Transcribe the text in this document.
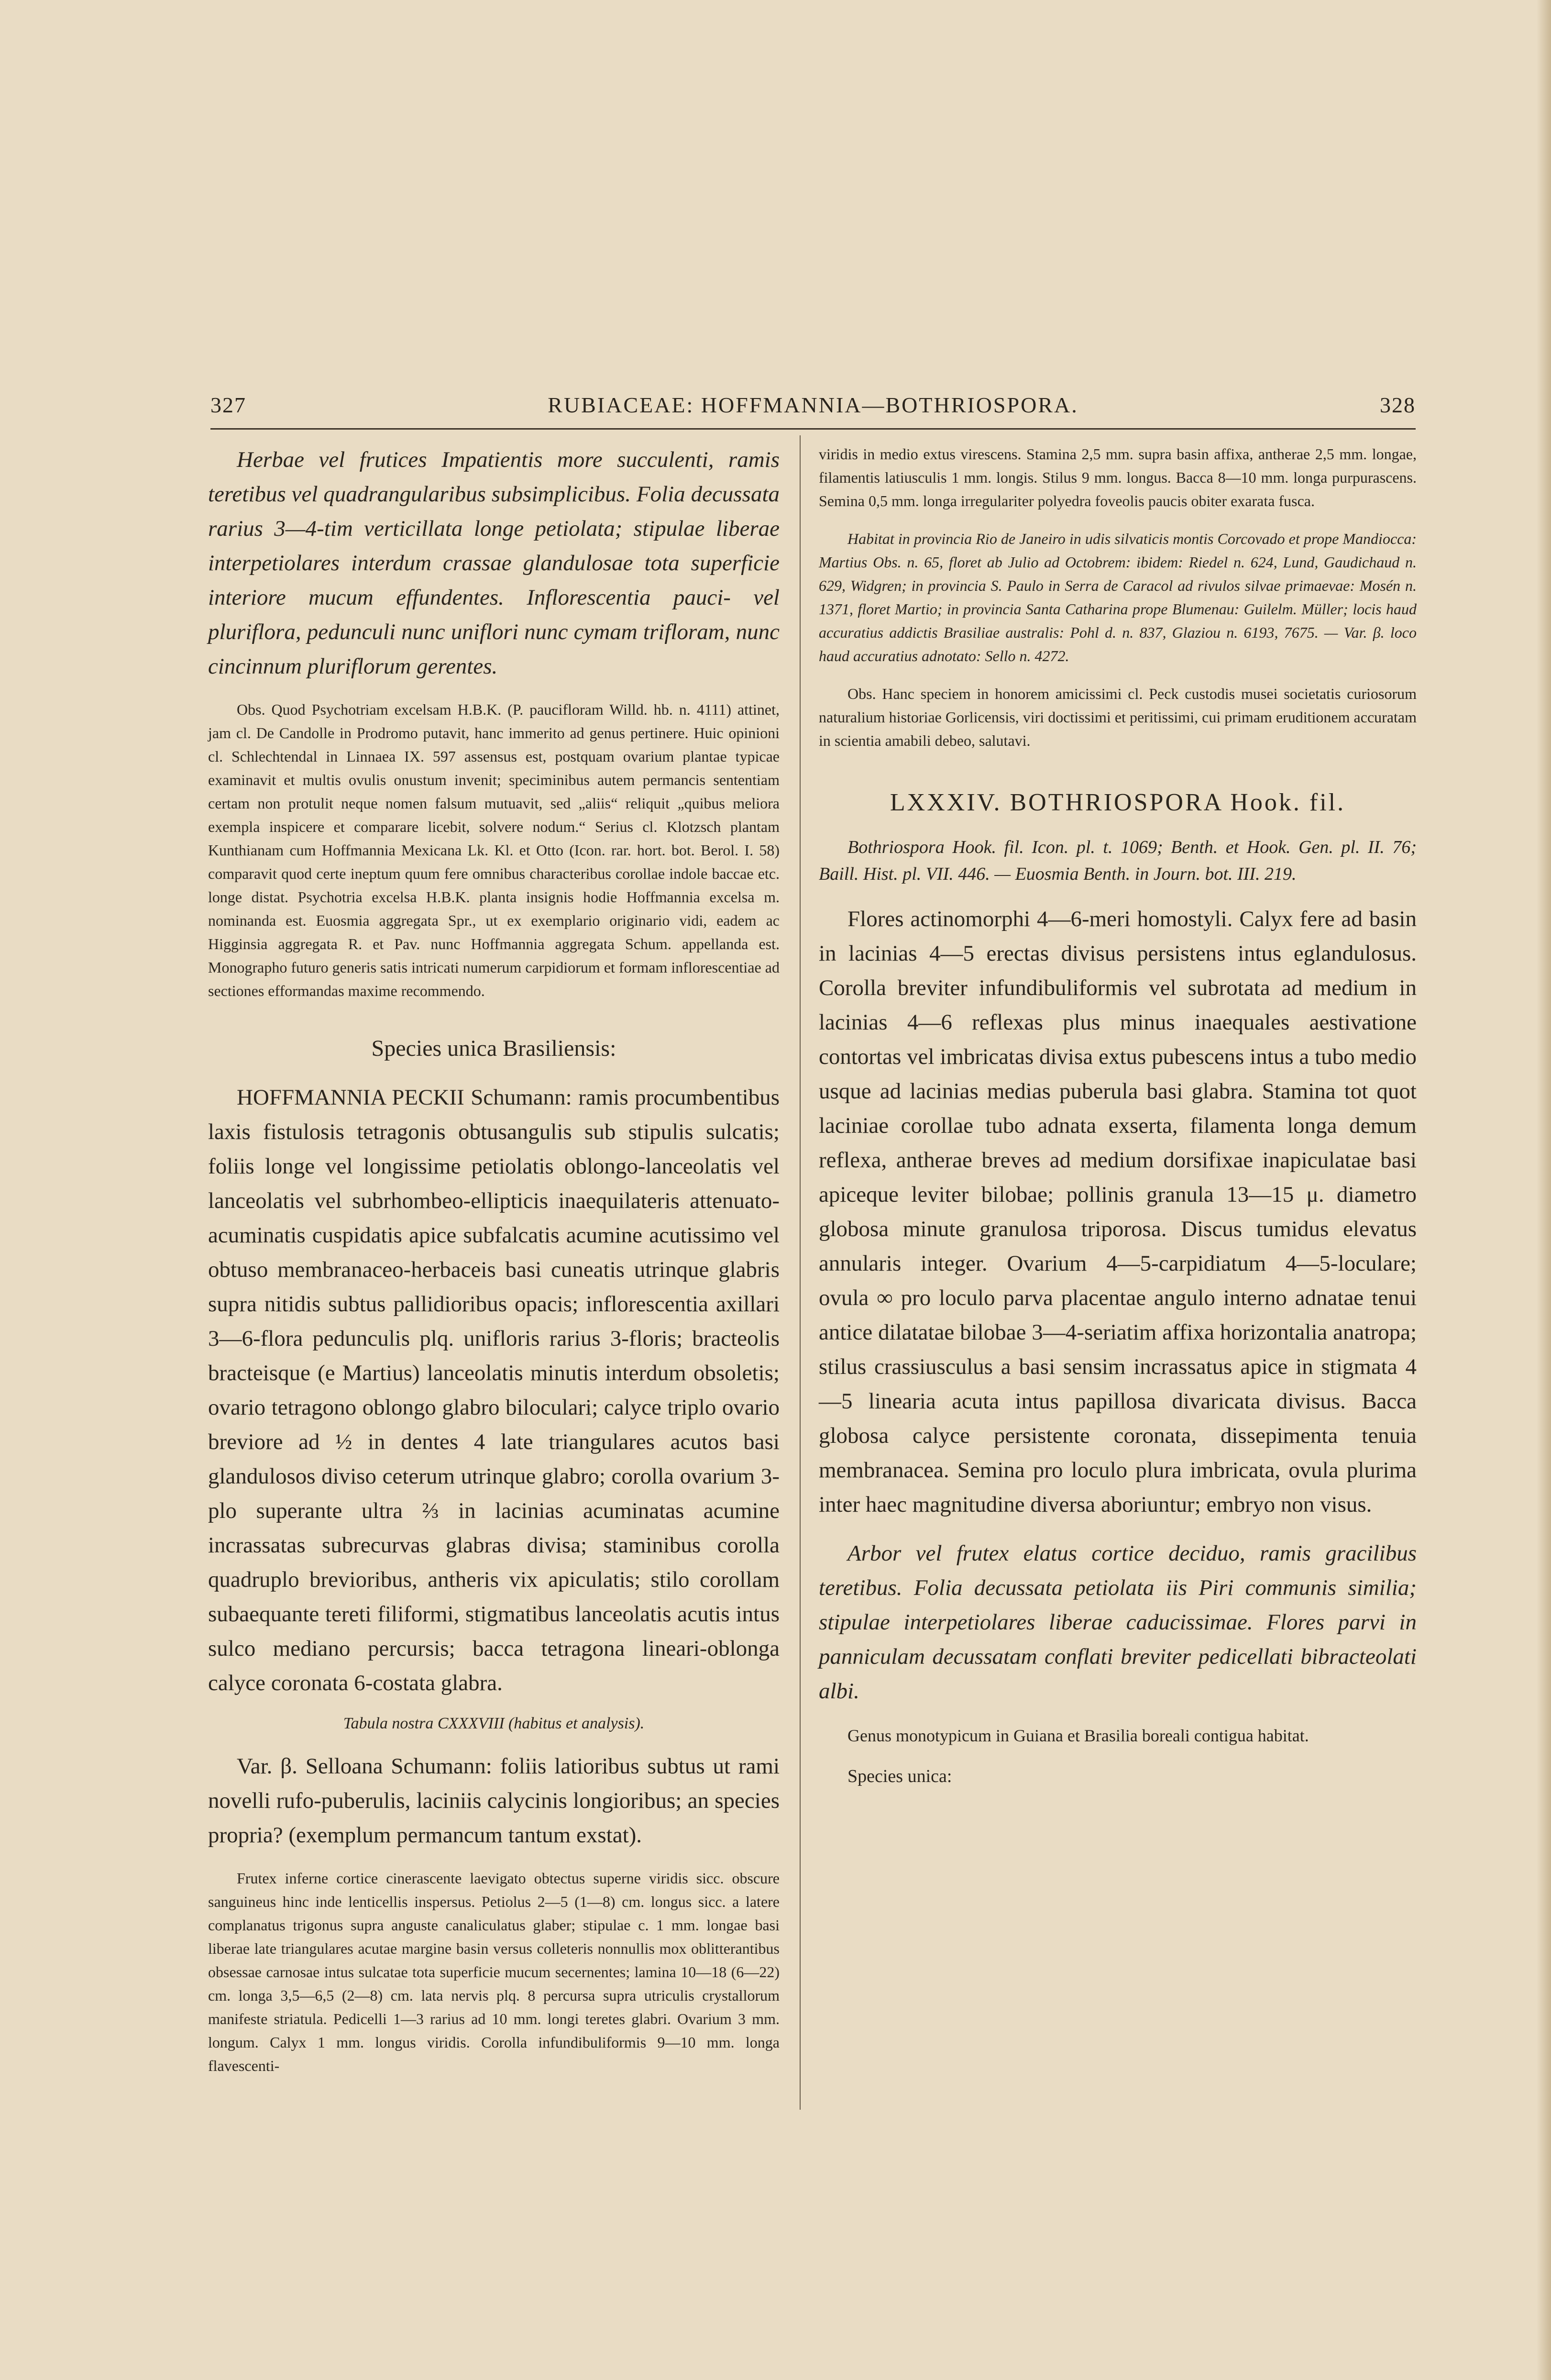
327	RUBIACEAE: HOFFMANNIA—BOTHRIOSPORA.	328

Herbae vel frutices Impatientis more succulenti, ramis teretibus vel quadrangularibus subsimplicibus. Folia decussata rarius 3—4-tim verticillata longe petiolata; stipulae liberae interpetiolares interdum crassae glandulosae tota superficie interiore mucum effundentes. Inflorescentia pauci- vel pluriflora, pedunculi nunc uniflori nunc cymam trifloram, nunc cincinnum pluriflorum gerentes.

Obs. Quod Psychotriam excelsam H.B.K. (P. paucifloram Willd. hb. n. 4111) attinet, jam cl. De Candolle in Prodromo putavit, hanc immerito ad genus pertinere. Huic opinioni cl. Schlechtendal in Linnaea IX. 597 assensus est, postquam ovarium plantae typicae examinavit et multis ovulis onustum invenit; speciminibus autem permancis sententiam certam non protulit neque nomen falsum mutuavit, sed „aliis“ reliquit „quibus meliora exempla inspicere et comparare licebit, solvere nodum.“ Serius cl. Klotzsch plantam Kunthianam cum Hoffmannia Mexicana Lk. Kl. et Otto (Icon. rar. hort. bot. Berol. I. 58) comparavit quod certe ineptum quum fere omnibus characteribus corollae indole baccae etc. longe distat. Psychotria excelsa H.B.K. planta insignis hodie Hoffmannia excelsa m. nominanda est. Euosmia aggregata Spr., ut ex exemplario originario vidi, eadem ac Higginsia aggregata R. et Pav. nunc Hoffmannia aggregata Schum. appellanda est. Monographo futuro generis satis intricati numerum carpidiorum et formam inflorescentiae ad sectiones efformandas maxime recommendo.

Species unica Brasiliensis:

HOFFMANNIA PECKII Schumann: ramis procumbentibus laxis fistulosis tetragonis obtusangulis sub stipulis sulcatis; foliis longe vel longissime petiolatis oblongo-lanceolatis vel lanceolatis vel subrhombeo-ellipticis inaequilateris attenuato-acuminatis cuspidatis apice subfalcatis acumine acutissimo vel obtuso membranaceo-herbaceis basi cuneatis utrinque glabris supra nitidis subtus pallidioribus opacis; inflorescentia axillari 3—6-flora pedunculis plq. unifloris rarius 3-floris; bracteolis bracteisque (e Martius) lanceolatis minutis interdum obsoletis; ovario tetragono oblongo glabro biloculari; calyce triplo ovario breviore ad ½ in dentes 4 late triangulares acutos basi glandulosos diviso ceterum utrinque glabro; corolla ovarium 3-plo superante ultra ⅔ in lacinias acuminatas acumine incrassatas subrecurvas glabras divisa; staminibus corolla quadruplo brevioribus, antheris vix apiculatis; stilo corollam subaequante tereti filiformi, stigmatibus lanceolatis acutis intus sulco mediano percursis; bacca tetragona lineari-oblonga calyce coronata 6-costata glabra.

Tabula nostra CXXXVIII (habitus et analysis).

Var. β. Selloana Schumann: foliis latioribus subtus ut rami novelli rufo-puberulis, laciniis calycinis longioribus; an species propria? (exemplum permancum tantum exstat).

Frutex inferne cortice cinerascente laevigato obtectus superne viridis sicc. obscure sanguineus hinc inde lenticellis inspersus. Petiolus 2—5 (1—8) cm. longus sicc. a latere complanatus trigonus supra anguste canaliculatus glaber; stipulae c. 1 mm. longae basi liberae late triangulares acutae margine basin versus colleteris nonnullis mox oblitterantibus obsessae carnosae intus sulcatae tota superficie mucum secernentes; lamina 10—18 (6—22) cm. longa 3,5—6,5 (2—8) cm. lata nervis plq. 8 percursa supra utriculis crystallorum manifeste striatula. Pedicelli 1—3 rarius ad 10 mm. longi teretes glabri. Ovarium 3 mm. longum. Calyx 1 mm. longus viridis. Corolla infundibuliformis 9—10 mm. longa flavescenti-

viridis in medio extus virescens. Stamina 2,5 mm. supra basin affixa, antherae 2,5 mm. longae, filamentis latiusculis 1 mm. longis. Stilus 9 mm. longus. Bacca 8—10 mm. longa purpurascens. Semina 0,5 mm. longa irregulariter polyedra foveolis paucis obiter exarata fusca.

Habitat in provincia Rio de Janeiro in udis silvaticis montis Corcovado et prope Mandiocca: Martius Obs. n. 65, floret ab Julio ad Octobrem: ibidem: Riedel n. 624, Lund, Gaudichaud n. 629, Widgren; in provincia S. Paulo in Serra de Caracol ad rivulos silvae primaevae: Mosén n. 1371, floret Martio; in provincia Santa Catharina prope Blumenau: Guilelm. Müller; locis haud accuratius addictis Brasiliae australis: Pohl d. n. 837, Glaziou n. 6193, 7675. — Var. β. loco haud accuratius adnotato: Sello n. 4272.

Obs. Hanc speciem in honorem amicissimi cl. Peck custodis musei societatis curiosorum naturalium historiae Gorlicensis, viri doctissimi et peritissimi, cui primam eruditionem accuratam in scientia amabili debeo, salutavi.

LXXXIV. BOTHRIOSPORA Hook. fil.

Bothriospora Hook. fil. Icon. pl. t. 1069; Benth. et Hook. Gen. pl. II. 76; Baill. Hist. pl. VII. 446. — Euosmia Benth. in Journ. bot. III. 219.

Flores actinomorphi 4—6-meri homostyli. Calyx fere ad basin in lacinias 4—5 erectas divisus persistens intus eglandulosus. Corolla breviter infundibuliformis vel subrotata ad medium in lacinias 4—6 reflexas plus minus inaequales aestivatione contortas vel imbricatas divisa extus pubescens intus a tubo medio usque ad lacinias medias puberula basi glabra. Stamina tot quot laciniae corollae tubo adnata exserta, filamenta longa demum reflexa, antherae breves ad medium dorsifixae inapiculatae basi apiceque leviter bilobae; pollinis granula 13—15 μ. diametro globosa minute granulosa triporosa. Discus tumidus elevatus annularis integer. Ovarium 4—5-carpidiatum 4—5-loculare; ovula ∞ pro loculo parva placentae angulo interno adnatae tenui antice dilatatae bilobae 3—4-seriatim affixa horizontalia anatropa; stilus crassiusculus a basi sensim incrassatus apice in stigmata 4—5 linearia acuta intus papillosa divaricata divisus. Bacca globosa calyce persistente coronata, dissepimenta tenuia membranacea. Semina pro loculo plura imbricata, ovula plurima inter haec magnitudine diversa aboriuntur; embryo non visus.

Arbor vel frutex elatus cortice deciduo, ramis gracilibus teretibus. Folia decussata petiolata iis Piri communis similia; stipulae interpetiolares liberae caducissimae. Flores parvi in panniculam decussatam conflati breviter pedicellati bibracteolati albi.

Genus monotypicum in Guiana et Brasilia boreali contigua habitat.

Species unica:
